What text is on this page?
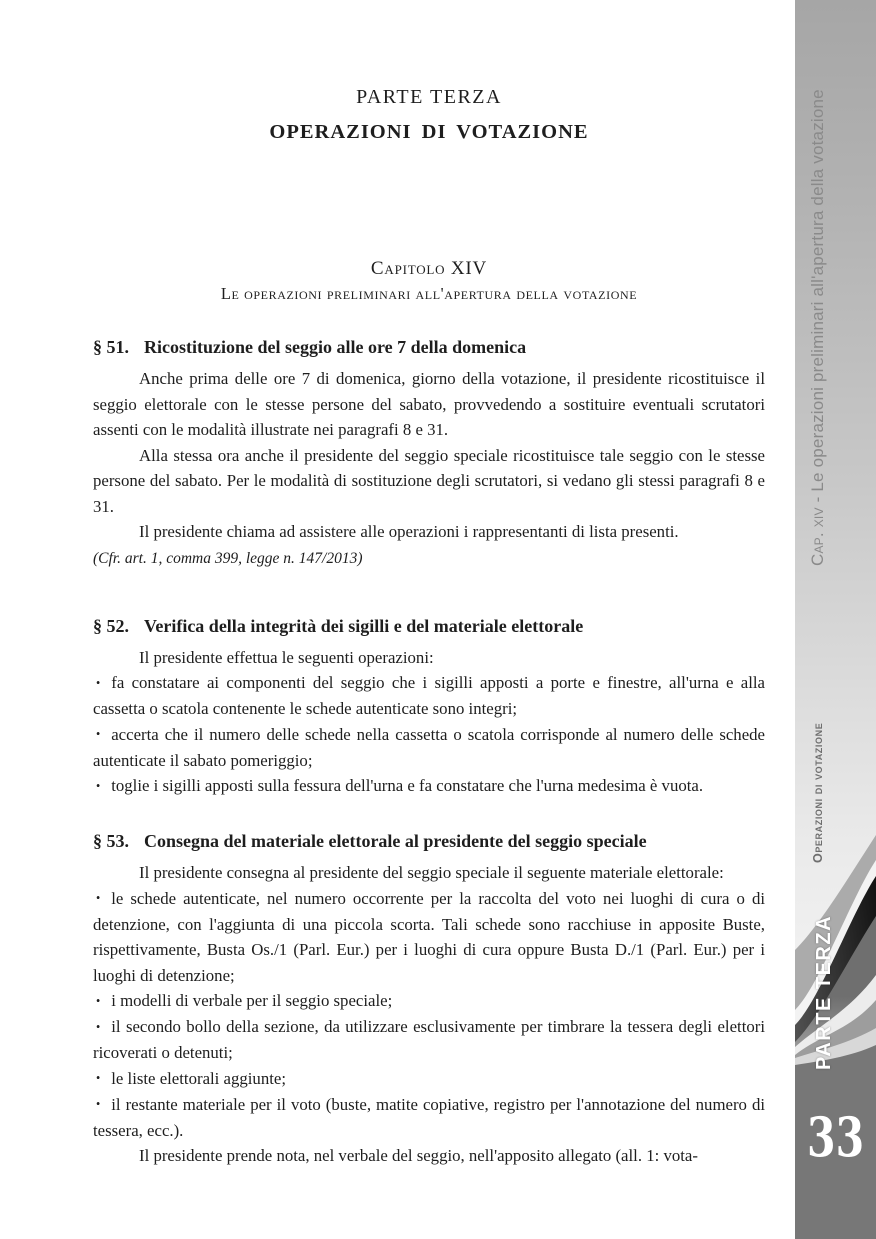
PARTE TERZA
OPERAZIONI DI VOTAZIONE
Capitolo XIV
Le operazioni preliminari all'apertura della votazione
§ 51. Ricostituzione del seggio alle ore 7 della domenica

Anche prima delle ore 7 di domenica, giorno della votazione, il presidente ricostituisce il seggio elettorale con le stesse persone del sabato, provvedendo a sostituire eventuali scrutatori assenti con le modalità illustrate nei paragrafi 8 e 31.

Alla stessa ora anche il presidente del seggio speciale ricostituisce tale seggio con le stesse persone del sabato. Per le modalità di sostituzione degli scrutatori, si vedano gli stessi paragrafi 8 e 31.

Il presidente chiama ad assistere alle operazioni i rappresentanti di lista presenti.

(Cfr. art. 1, comma 399, legge n. 147/2013)

§ 52. Verifica della integrità dei sigilli e del materiale elettorale

Il presidente effettua le seguenti operazioni:

• fa constatare ai componenti del seggio che i sigilli apposti a porte e finestre, all'urna e alla cassetta o scatola contenente le schede autenticate sono integri;

• accerta che il numero delle schede nella cassetta o scatola corrisponde al numero delle schede autenticate il sabato pomeriggio;

• toglie i sigilli apposti sulla fessura dell'urna e fa constatare che l'urna medesima è vuota.

§ 53. Consegna del materiale elettorale al presidente del seggio speciale

Il presidente consegna al presidente del seggio speciale il seguente materiale elettorale:

• le schede autenticate, nel numero occorrente per la raccolta del voto nei luoghi di cura o di detenzione, con l'aggiunta di una piccola scorta. Tali schede sono racchiuse in apposite Buste, rispettivamente, Busta Os./1 (Parl. Eur.) per i luoghi di cura oppure Busta D./1 (Parl. Eur.) per i luoghi di detenzione;

• i modelli di verbale per il seggio speciale;

• il secondo bollo della sezione, da utilizzare esclusivamente per timbrare la tessera degli elettori ricoverati o detenuti;

• le liste elettorali aggiunte;

• il restante materiale per il voto (buste, matite copiative, registro per l'annotazione del numero di tessera, ecc.).

Il presidente prende nota, nel verbale del seggio, nell'apposito allegato (all. 1: vota-

Cap. xiv - Le operazioni preliminari all'apertura della votazione
Operazioni di votazione
PARTE TERZA
33
